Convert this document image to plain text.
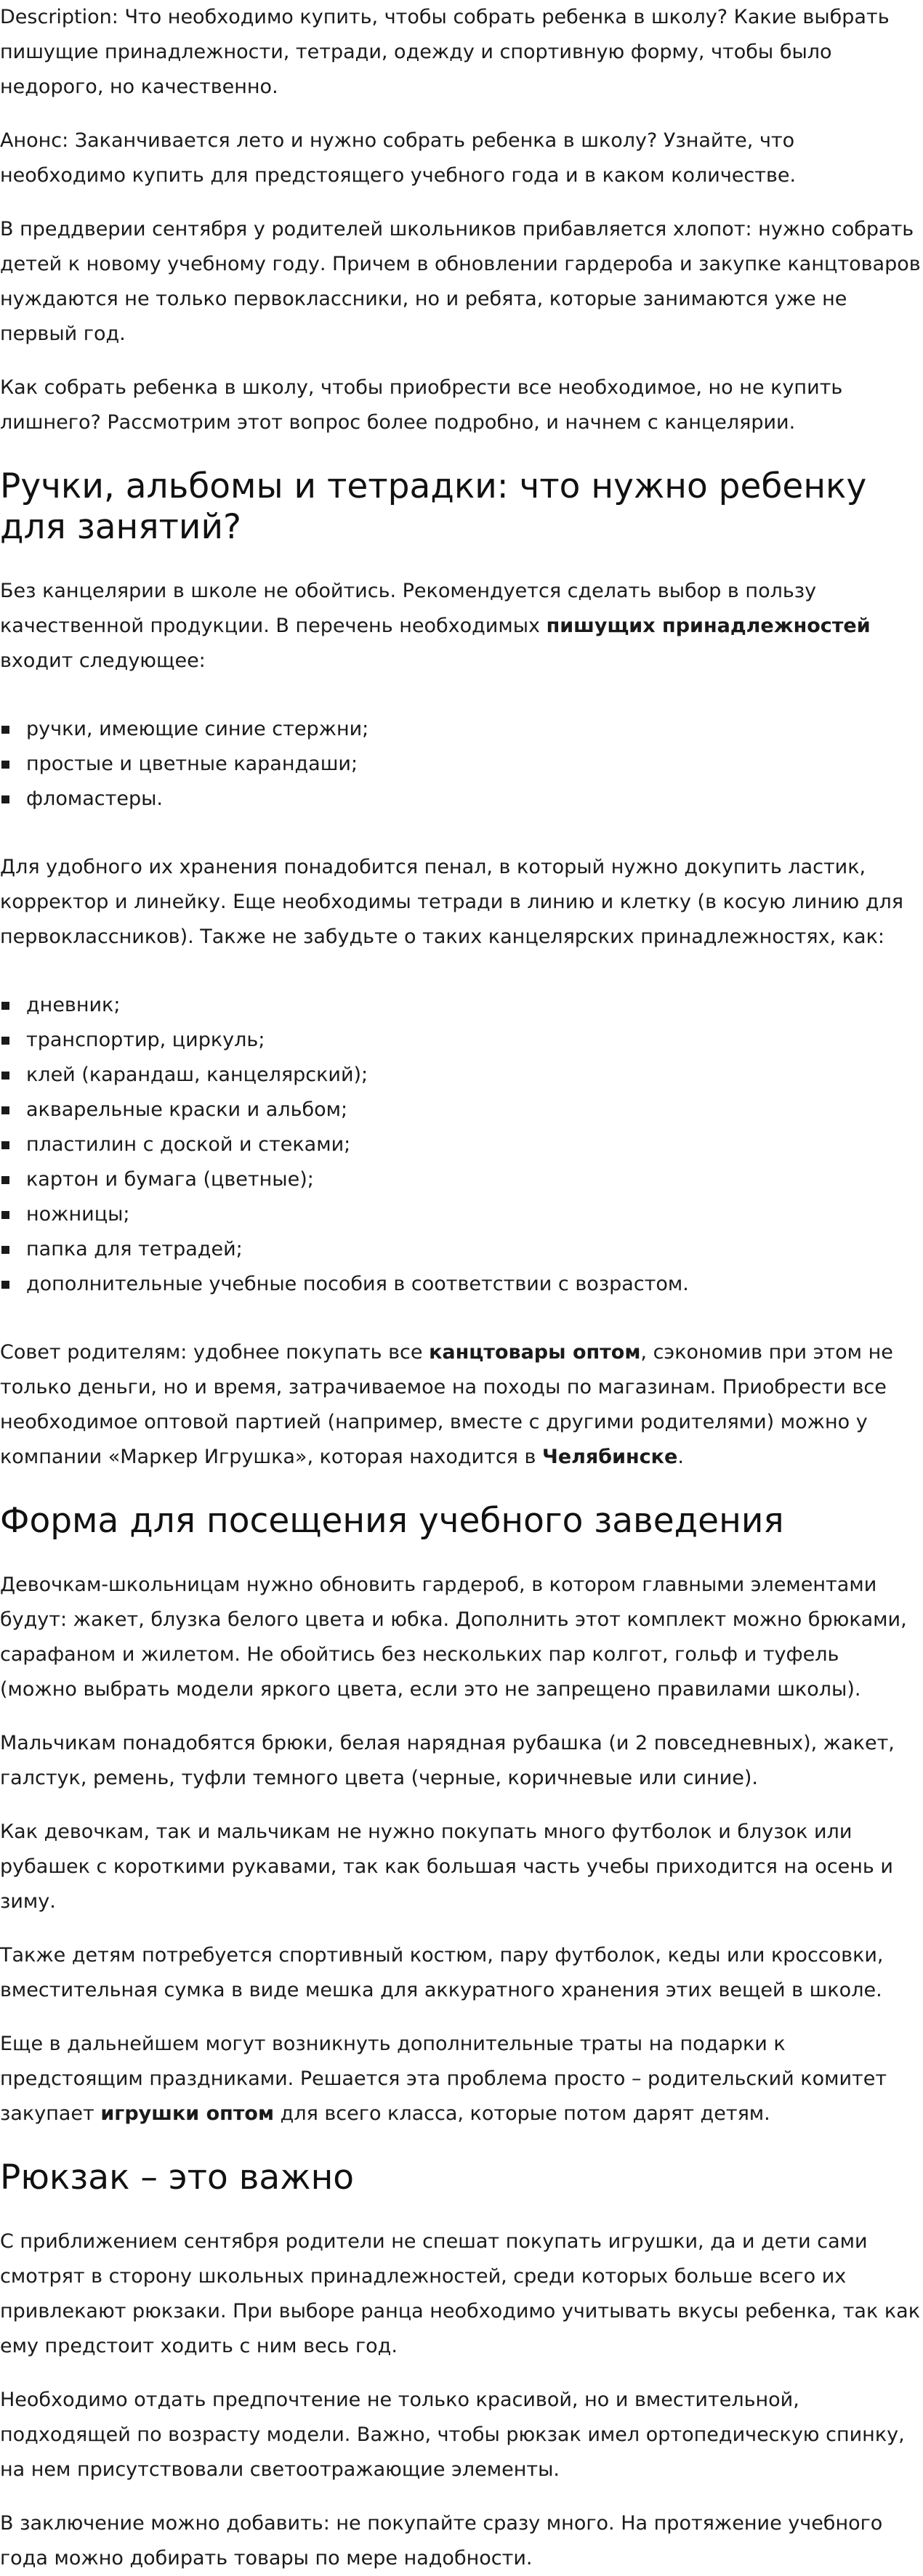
Description: Что необходимо купить, чтобы собрать ребенка в школу? Какие выбрать пишущие принадлежности, тетради, одежду и спортивную форму, чтобы было недорого, но качественно.

Анонс: Заканчивается лето и нужно собрать ребенка в школу? Узнайте, что необходимо купить для предстоящего учебного года и в каком количестве.

В преддверии сентября у родителей школьников прибавляется хлопот: нужно собрать детей к новому учебному году. Причем в обновлении гардероба и закупке канцтоваров нуждаются не только первоклассники, но и ребята, которые занимаются уже не первый год.

Как собрать ребенка в школу, чтобы приобрести все необходимое, но не купить лишнего? Рассмотрим этот вопрос более подробно, и начнем с канцелярии.

Ручки, альбомы и тетрадки: что нужно ребенку для занятий?

Без канцелярии в школе не обойтись. Рекомендуется сделать выбор в пользу качественной продукции. В перечень необходимых пишущих принадлежностей входит следующее:

ручки, имеющие синие стержни;
простые и цветные карандаши;
фломастеры.

Для удобного их хранения понадобится пенал, в который нужно докупить ластик, корректор и линейку. Еще необходимы тетради в линию и клетку (в косую линию для первоклассников). Также не забудьте о таких канцелярских принадлежностях, как:

дневник;
транспортир, циркуль;
клей (карандаш, канцелярский);
акварельные краски и альбом;
пластилин с доской и стеками;
картон и бумага (цветные);
ножницы;
папка для тетрадей;
дополнительные учебные пособия в соответствии с возрастом.

Совет родителям: удобнее покупать все канцтовары оптом, сэкономив при этом не только деньги, но и время, затрачиваемое на походы по магазинам. Приобрести все необходимое оптовой партией (например, вместе с другими родителями) можно у компании «Маркер Игрушка», которая находится в Челябинске.

Форма для посещения учебного заведения

Девочкам-школьницам нужно обновить гардероб, в котором главными элементами будут: жакет, блузка белого цвета и юбка. Дополнить этот комплект можно брюками, сарафаном и жилетом. Не обойтись без нескольких пар колгот, гольф и туфель (можно выбрать модели яркого цвета, если это не запрещено правилами школы).

Мальчикам понадобятся брюки, белая нарядная рубашка (и 2 повседневных), жакет, галстук, ремень, туфли темного цвета (черные, коричневые или синие).

Как девочкам, так и мальчикам не нужно покупать много футболок и блузок или рубашек с короткими рукавами, так как большая часть учебы приходится на осень и зиму.

Также детям потребуется спортивный костюм, пару футболок, кеды или кроссовки, вместительная сумка в виде мешка для аккуратного хранения этих вещей в школе.

Еще в дальнейшем могут возникнуть дополнительные траты на подарки к предстоящим праздниками. Решается эта проблема просто – родительский комитет закупает игрушки оптом для всего класса, которые потом дарят детям.

Рюкзак – это важно

С приближением сентября родители не спешат покупать игрушки, да и дети сами смотрят в сторону школьных принадлежностей, среди которых больше всего их привлекают рюкзаки. При выборе ранца необходимо учитывать вкусы ребенка, так как ему предстоит ходить с ним весь год.

Необходимо отдать предпочтение не только красивой, но и вместительной, подходящей по возрасту модели. Важно, чтобы рюкзак имел ортопедическую спинку, на нем присутствовали светоотражающие элементы.

В заключение можно добавить: не покупайте сразу много. На протяжение учебного года можно добирать товары по мере надобности.
